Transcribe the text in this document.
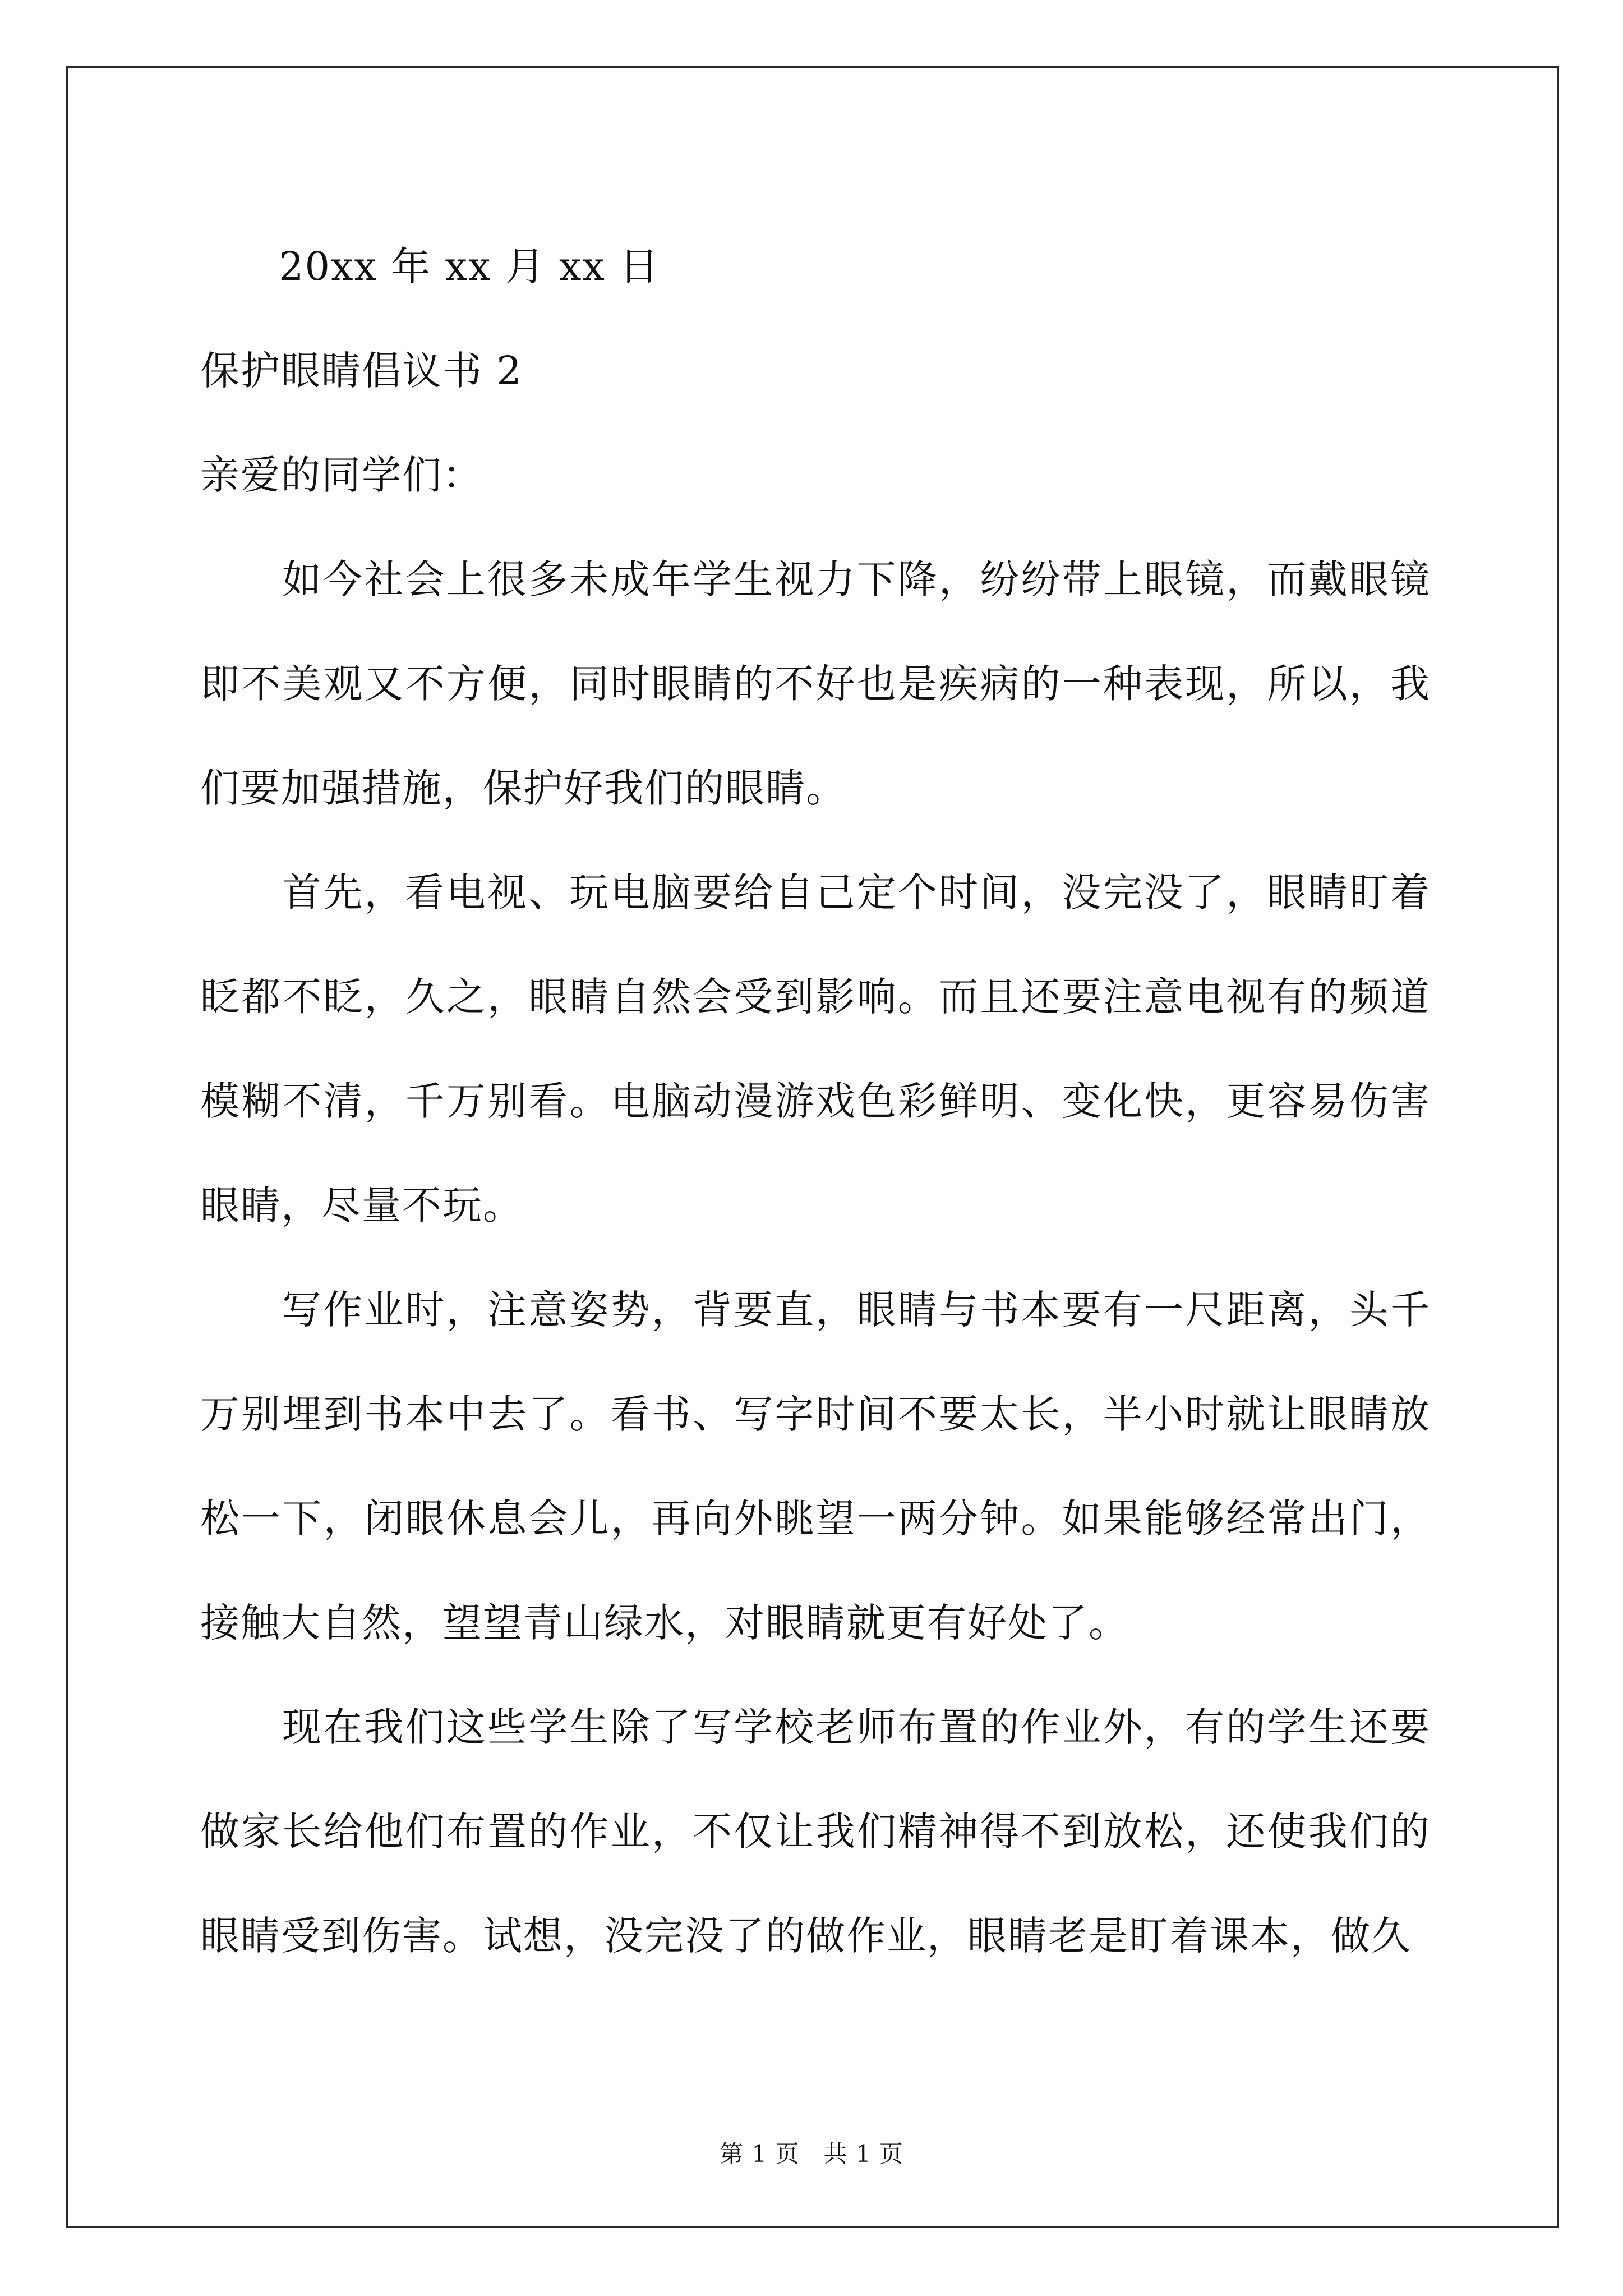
20xx 年 xx 月 xx 日
保护眼睛倡议书 2
亲爱的同学们：

如今社会上很多未成年学生视力下降，纷纷带上眼镜，而戴眼镜即不美观又不方便，同时眼睛的不好也是疾病的一种表现，所以，我们要加强措施，保护好我们的眼睛。

首先，看电视、玩电脑要给自己定个时间，没完没了，眼睛盯着眨都不眨，久之，眼睛自然会受到影响。而且还要注意电视有的频道模糊不清，千万别看。电脑动漫游戏色彩鲜明、变化快，更容易伤害眼睛，尽量不玩。

写作业时，注意姿势，背要直，眼睛与书本要有一尺距离，头千万别埋到书本中去了。看书、写字时间不要太长，半小时就让眼睛放松一下，闭眼休息会儿，再向外眺望一两分钟。如果能够经常出门，接触大自然，望望青山绿水，对眼睛就更有好处了。

现在我们这些学生除了写学校老师布置的作业外，有的学生还要做家长给他们布置的作业，不仅让我们精神得不到放松，还使我们的眼睛受到伤害。试想，没完没了的做作业，眼睛老是盯着课本，做久

第 1 页　共 1 页
